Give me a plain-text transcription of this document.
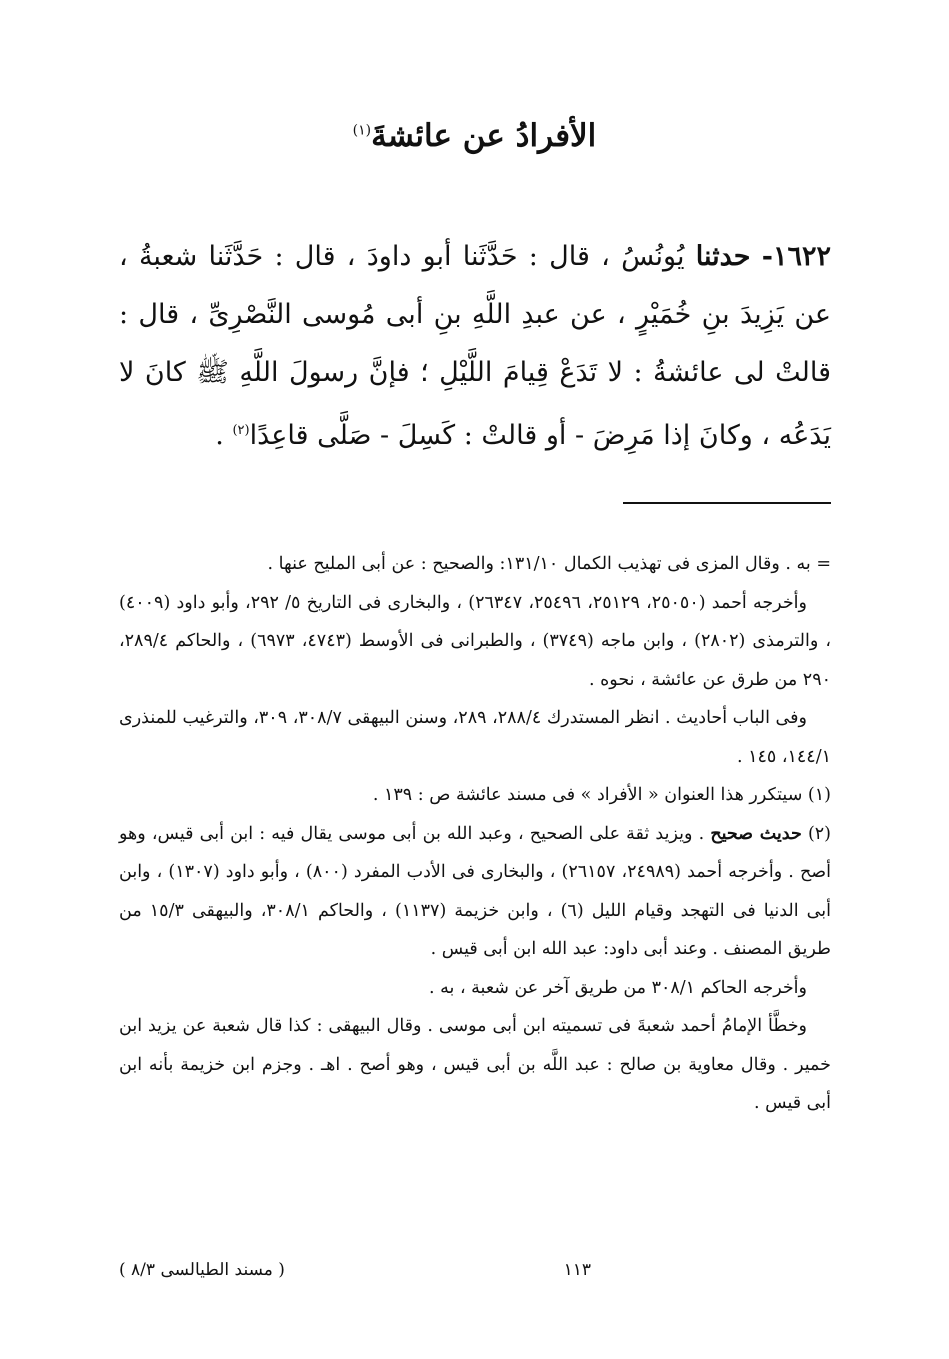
الأفرادُ عن عائشةَ$^{(١)}$

١٦٢٢- حدثنا يُونُسُ ، قال : حَدَّثَنا أبو داودَ ، قال : حَدَّثَنا شعبةُ ، عن يَزِيدَ بنِ خُمَيْرٍ ، عن عبدِ اللَّهِ بنِ أبى مُوسى النَّصْرِىِّ ، قال : قالتْ لى عائشةُ : لا تَدَعْ قِيامَ اللَّيْلِ ؛ فإنَّ رسولَ اللَّهِ ﷺ كانَ لا يَدَعُه ، وكانَ إذا مَرِضَ - أو قالتْ : كَسِلَ - صَلَّى قاعِدًا$^{(٢)}$ .

= به . وقال المزى فى تهذيب الكمال ١٣١/١٠: والصحيح : عن أبى المليح عنها .

وأخرجه أحمد (٢٥٠٥٠، ٢٥١٢٩، ٢٥٤٩٦، ٢٦٣٤٧) ، والبخارى فى التاريخ ٥/ ٢٩٢، وأبو داود (٤٠٠٩) ، والترمذى (٢٨٠٢) ، وابن ماجه (٣٧٤٩) ، والطبرانى فى الأوسط (٤٧٤٣، ٦٩٧٣) ، والحاكم ٢٨٩/٤، ٢٩٠ من طرق عن عائشة ، نحوه .

وفى الباب أحاديث . انظر المستدرك ٢٨٨/٤، ٢٨٩، وسنن البيهقى ٣٠٨/٧، ٣٠٩، والترغيب للمنذرى ١٤٤/١، ١٤٥ .

(١) سيتكرر هذا العنوان « الأفراد » فى مسند عائشة ص : ١٣٩ .

(٢) حديث صحيح . ويزيد ثقة على الصحيح ، وعبد الله بن أبى موسى يقال فيه : ابن أبى قيس، وهو أصح . وأخرجه أحمد (٢٤٩٨٩، ٢٦١٥٧) ، والبخارى فى الأدب المفرد (٨٠٠) ، وأبو داود (١٣٠٧) ، وابن أبى الدنيا فى التهجد وقيام الليل (٦) ، وابن خزيمة (١١٣٧) ، والحاكم ٣٠٨/١، والبيهقى ١٥/٣ من طريق المصنف . وعند أبى داود: عبد الله ابن أبى قيس .

وأخرجه الحاكم ٣٠٨/١ من طريق آخر عن شعبة ، به .

وخطَّأ الإمامُ أحمد شعبةَ فى تسميته ابن أبى موسى . وقال البيهقى : كذا قال شعبة عن يزيد ابن خمير . وقال معاوية بن صالح : عبد اللَّه بن أبى قيس ، وهو أصح . اهـ . وجزم ابن خزيمة بأنه ابن أبى قيس .

١١٣
( مسند الطيالسى ٨/٣ )
